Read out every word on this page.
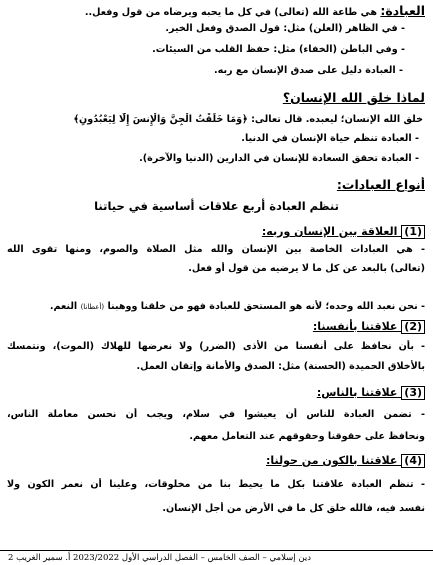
العبادة: هي طاعة الله (تعالى) في كل ما يحبه ويرضاه من قول وفعل..
- في الظاهر (العلن) مثل: قول الصدق وفعل الخير.
- وفي الباطن (الخفاء) مثل: حفظ القلب من السيئات.
- العبادة دليل على صدق الإنسان مع ربه.
لماذا خلق الله الإنسان؟
خلق الله الإنسان؛ ليعبده. قال تعالى: ﴿وَمَا خَلَقْتُ الْجِنَّ وَالْإِنسَ إِلَّا لِيَعْبُدُونِ﴾
- العبادة تنظم حياة الإنسان في الدنيا.
- العبادة تحقق السعادة للإنسان في الدارين (الدنيا والآخرة).
أنواع العبادات:
تنظم العبادة أربع علاقات أساسية في حياتنا
(1) العلاقة بين الإنسان وربه:
- هي العبادات الخاصة بين الإنسان والله مثل الصلاة والصوم، ومنها تقوى الله
(تعالى) بالبعد عن كل ما لا يرضيه من قول أو فعل.
- نحن نعبد الله وحده؛ لأنه هو المستحق للعبادة فهو من خلقنا ووهبنا (أعطانا) النعم.
(2) علاقتنا بأنفسنا:
- بأن نحافظ على أنفسنا من الأذى (الضرر) ولا نعرضها للهلاك (الموت)، ونتمسك
بالأخلاق الحميدة (الحسنة) مثل: الصدق والأمانة وإتقان العمل.
(3) علاقتنا بالناس:
- تضمن العبادة للناس أن يعيشوا في سلام، ويجب أن نحسن معاملة الناس،
ونحافظ على حقوقنا وحقوقهم عند التعامل معهم.
(4) علاقتنا بالكون من حولنا:
- تنظم العبادة علاقتنا بكل ما يحيط بنا من مخلوقات، وعلينا أن نعمر الكون ولا
نفسد فيه، فالله خلق كل ما في الأرض من أجل الإنسان.
دين إسلامي – الصف الخامس – الفصل الدراسي الأول 2023/2022 أ. سمير الغريب 2
